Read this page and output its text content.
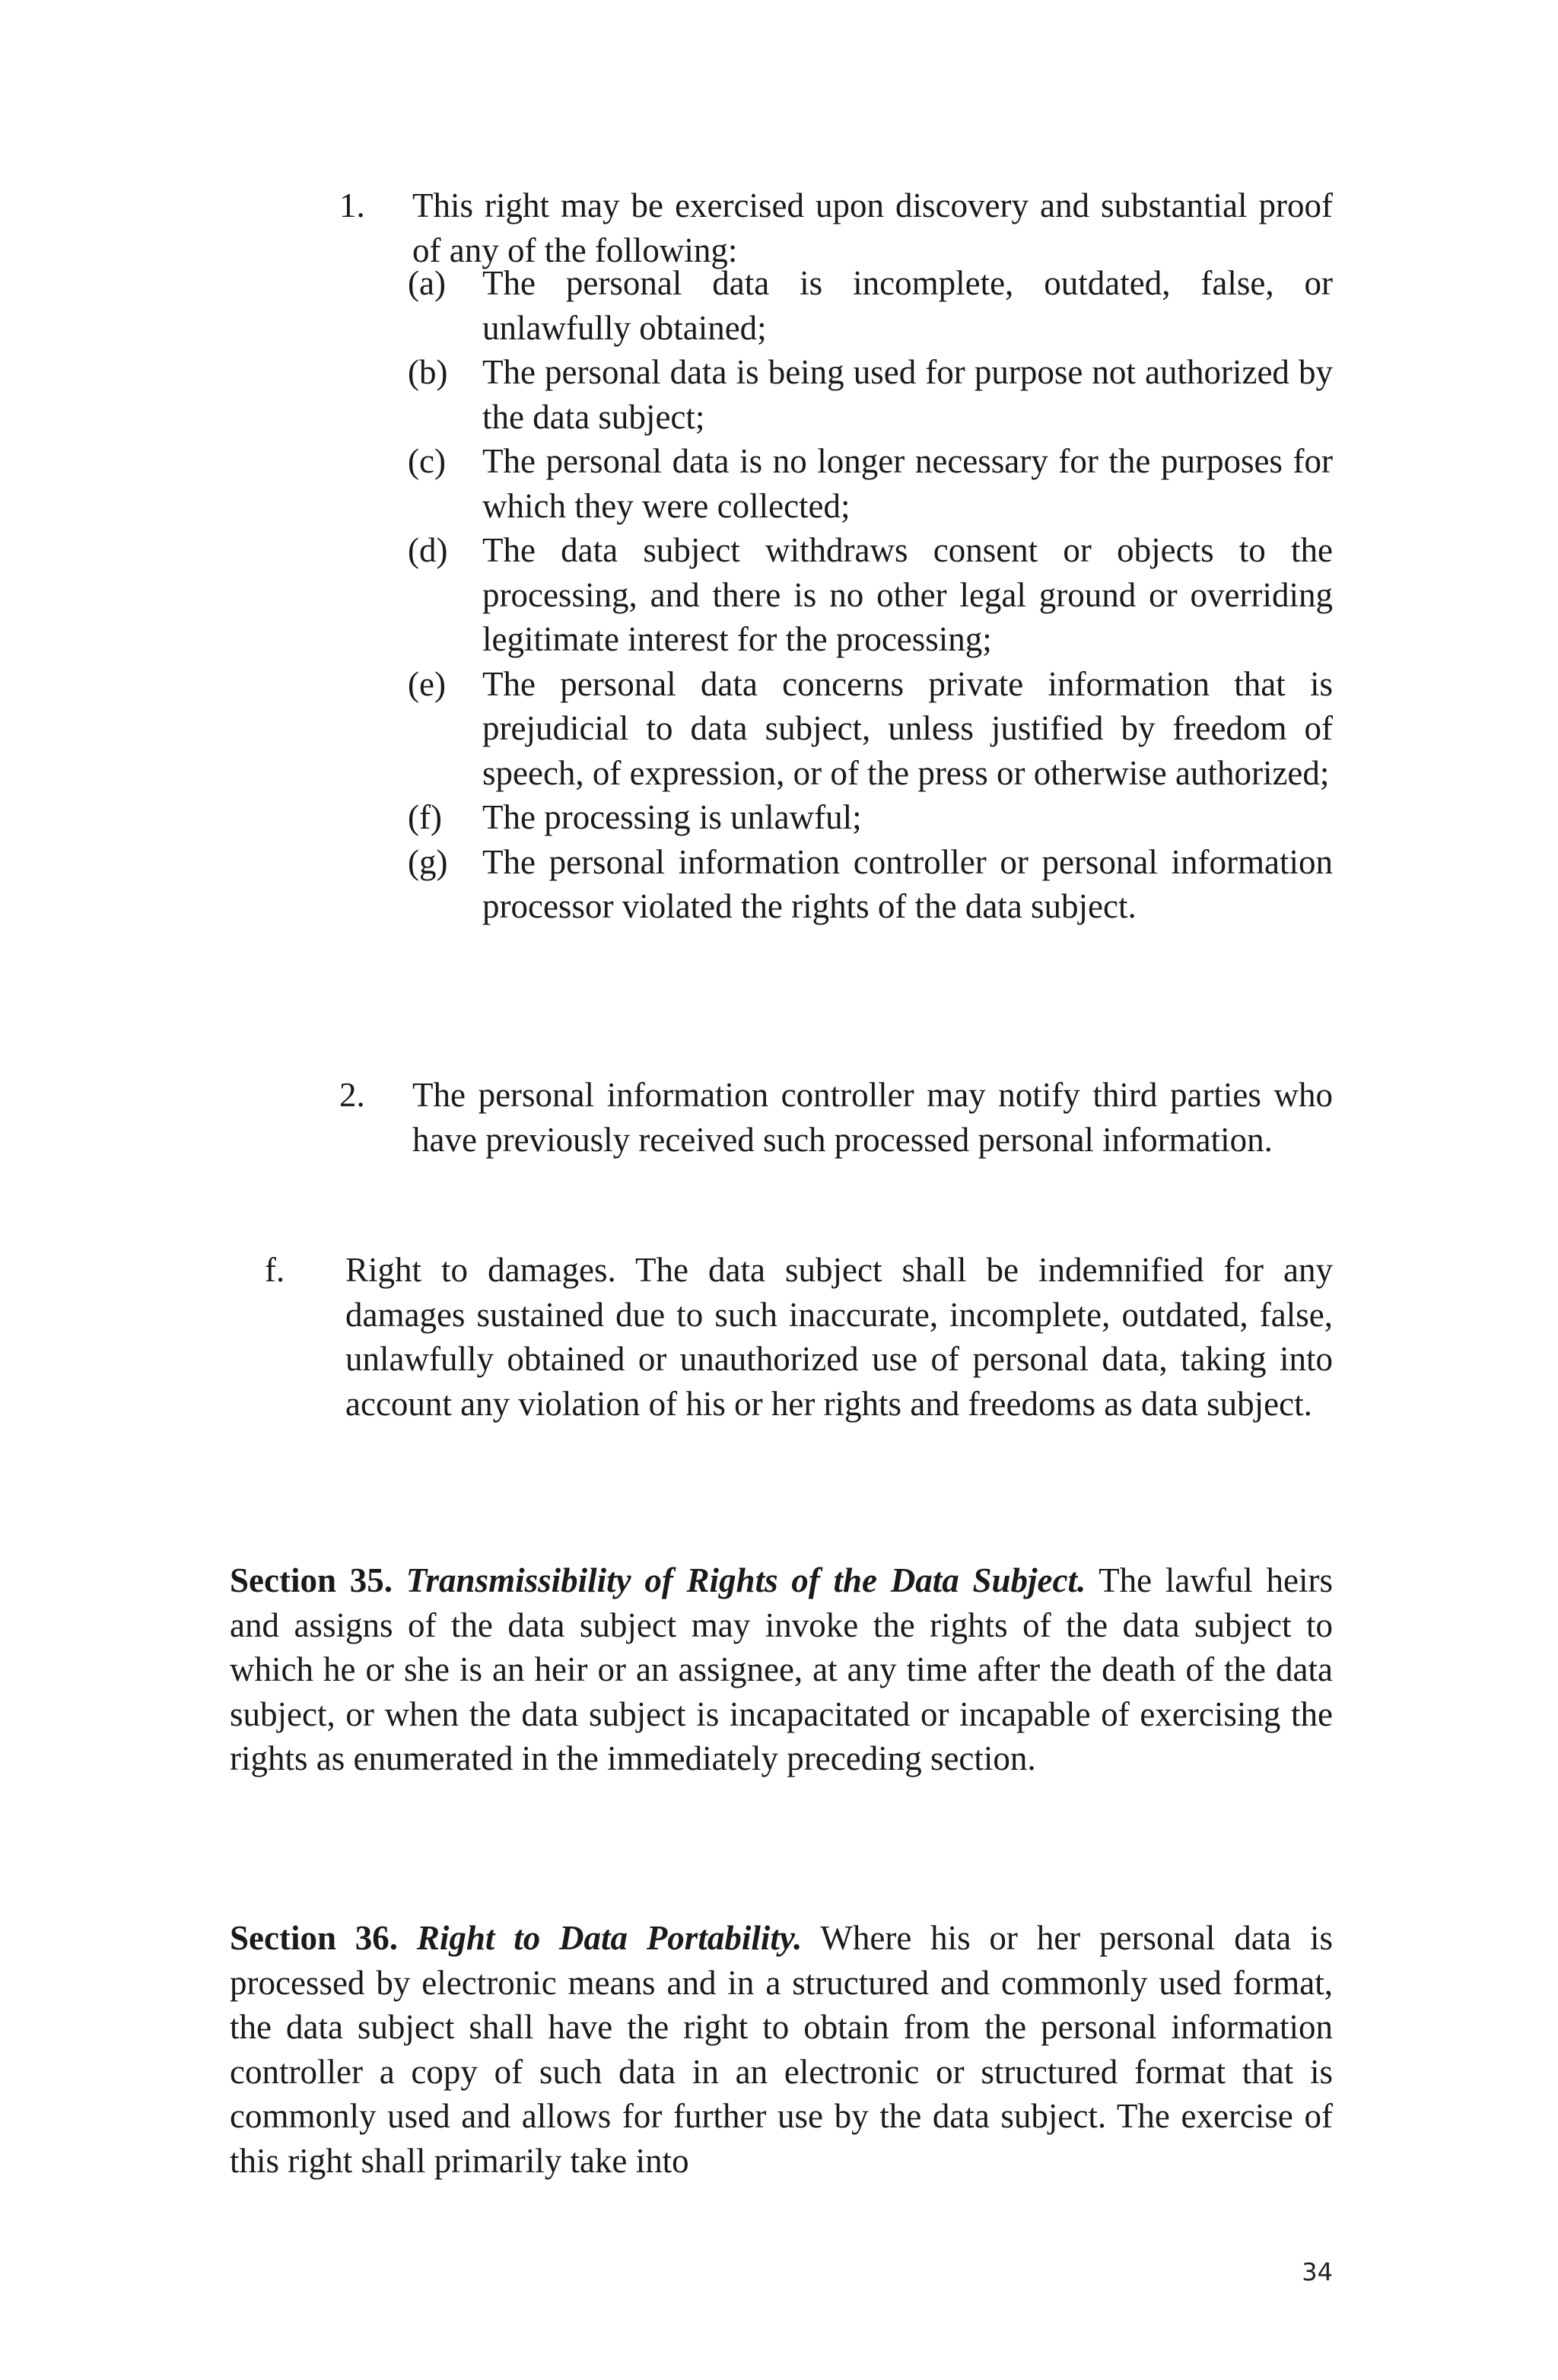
1.	This right may be exercised upon discovery and substantial proof of any of the following:

(a)	The personal data is incomplete, outdated, false, or unlawfully obtained;

(b)	The personal data is being used for purpose not authorized by the data subject;

(c)	The personal data is no longer necessary for the purposes for which they were collected;

(d)	The data subject withdraws consent or objects to the processing, and there is no other legal ground or overriding legitimate interest for the processing;

(e)	The personal data concerns private information that is prejudicial to data subject, unless justified by freedom of speech, of expression, or of the press or otherwise authorized;

(f)	The processing is unlawful;

(g)	The personal information controller or personal information processor violated the rights of the data subject.

2.	The personal information controller may notify third parties who have previously received such processed personal information.

f.	Right to damages. The data subject shall be indemnified for any damages sustained due to such inaccurate, incomplete, outdated, false, unlawfully obtained or unauthorized use of personal data, taking into account any violation of his or her rights and freedoms as data subject.

Section 35. Transmissibility of Rights of the Data Subject. The lawful heirs and assigns of the data subject may invoke the rights of the data subject to which he or she is an heir or an assignee, at any time after the death of the data subject, or when the data subject is incapacitated or incapable of exercising the rights as enumerated in the immediately preceding section.

Section 36. Right to Data Portability. Where his or her personal data is processed by electronic means and in a structured and commonly used format, the data subject shall have the right to obtain from the personal information controller a copy of such data in an electronic or structured format that is commonly used and allows for further use by the data subject. The exercise of this right shall primarily take into

34
